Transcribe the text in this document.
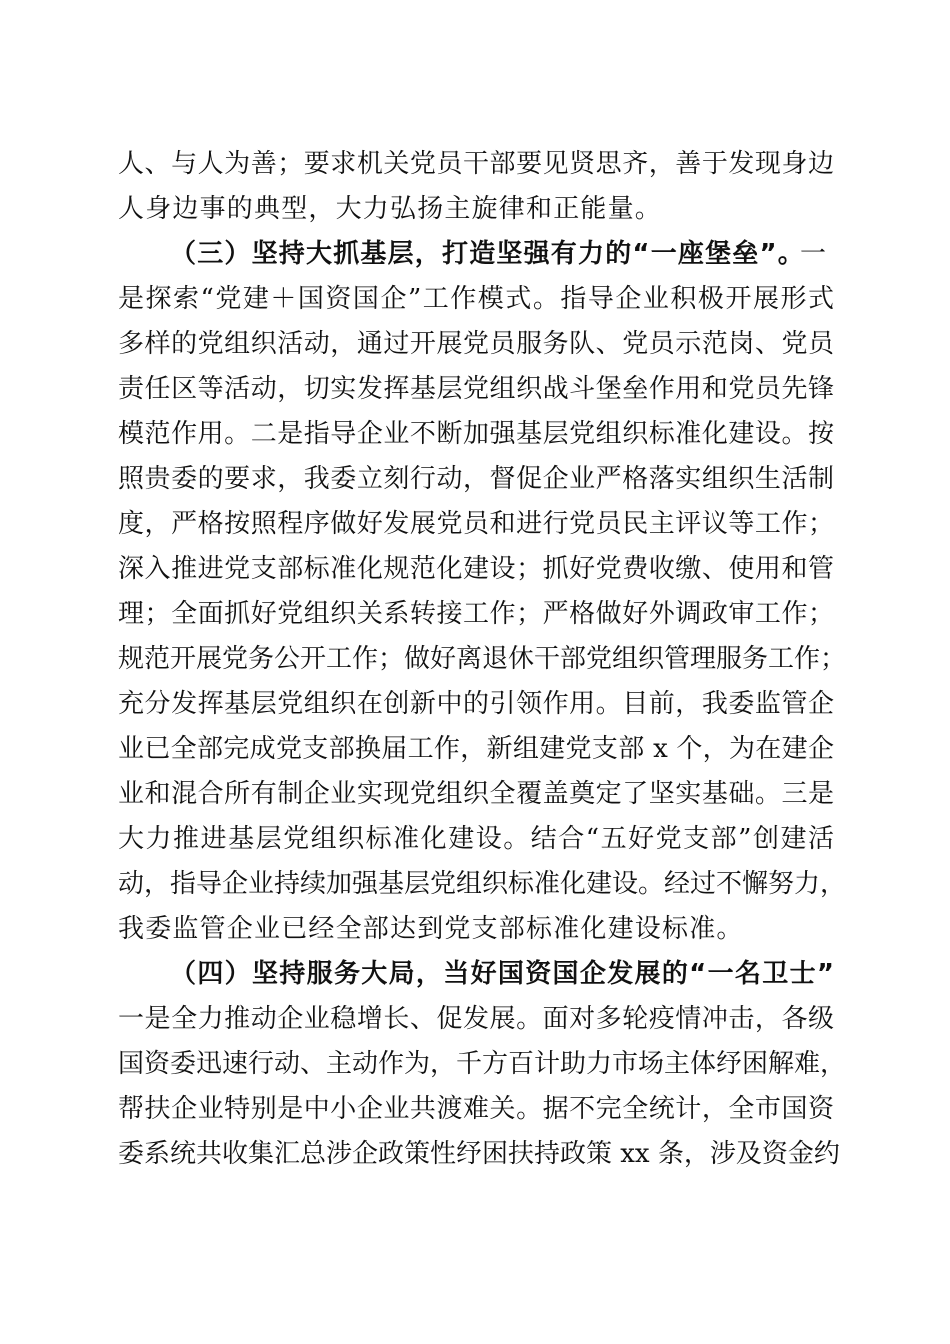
人、与人为善；要求机关党员干部要见贤思齐，善于发现身边
人身边事的典型，大力弘扬主旋律和正能量。
（三）坚持大抓基层，打造坚强有力的“一座堡垒”。
一
是探索“党建＋国资国企”工作模式。指导企业积极开展形式
多样的党组织活动，通过开展党员服务队、党员示范岗、党员
责任区等活动，切实发挥基层党组织战斗堡垒作用和党员先锋
模范作用。二是指导企业不断加强基层党组织标准化建设。按
照贵委的要求，我委立刻行动，督促企业严格落实组织生活制
度，严格按照程序做好发展党员和进行党员民主评议等工作；
深入推进党支部标准化规范化建设；抓好党费收缴、使用和管
理；全面抓好党组织关系转接工作；严格做好外调政审工作；
规范开展党务公开工作；做好离退休干部党组织管理服务工作；
充分发挥基层党组织在创新中的引领作用。目前，我委监管企
业已全部完成党支部换届工作，新组建党支部 x 个，为在建企
业和混合所有制企业实现党组织全覆盖奠定了坚实基础。三是
大力推进基层党组织标准化建设。结合“五好党支部”创建活
动，指导企业持续加强基层党组织标准化建设。经过不懈努力，
我委监管企业已经全部达到党支部标准化建设标准。
（四）坚持服务大局，当好国资国企发展的“一名卫士”
一是全力推动企业稳增长、促发展。面对多轮疫情冲击，各级
国资委迅速行动、主动作为，千方百计助力市场主体纾困解难，
帮扶企业特别是中小企业共渡难关。据不完全统计，全市国资
委系统共收集汇总涉企政策性纾困扶持政策 xx 条，涉及资金约
